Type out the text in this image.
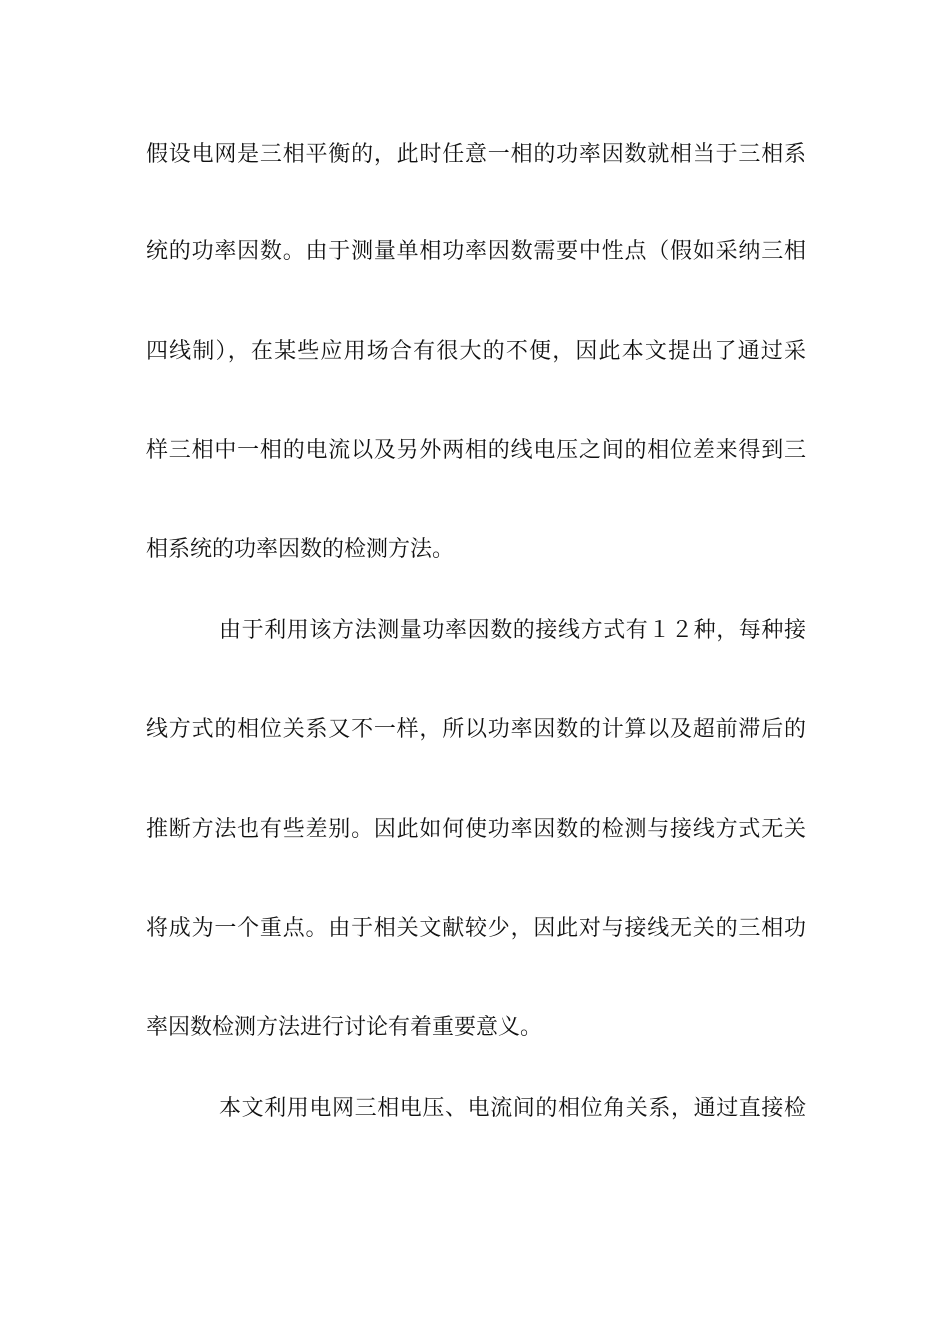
假设电网是三相平衡的，此时任意一相的功率因数就相当于三相系
统的功率因数。由于测量单相功率因数需要中性点（假如采纳三相
四线制），在某些应用场合有很大的不便，因此本文提出了通过采
样三相中一相的电流以及另外两相的线电压之间的相位差来得到三
相系统的功率因数的检测方法。
由于利用该方法测量功率因数的接线方式有１２种，每种接
线方式的相位关系又不一样，所以功率因数的计算以及超前滞后的
推断方法也有些差别。因此如何使功率因数的检测与接线方式无关
将成为一个重点。由于相关文献较少，因此对与接线无关的三相功
率因数检测方法进行讨论有着重要意义。
本文利用电网三相电压、电流间的相位角关系，通过直接检
